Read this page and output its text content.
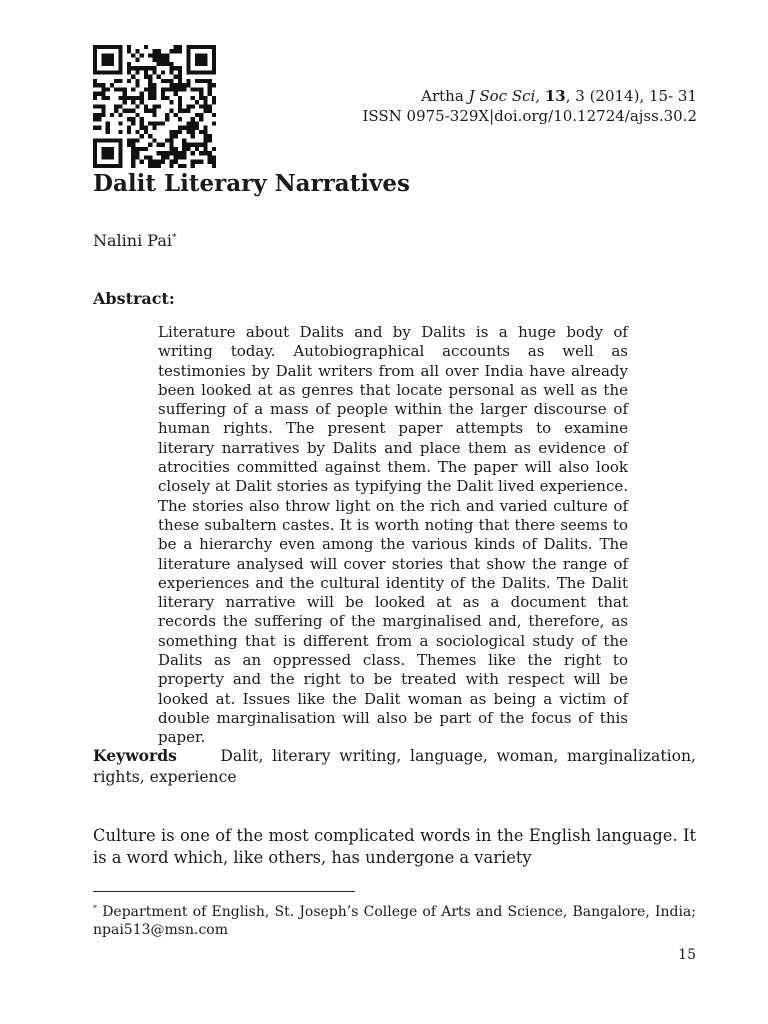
Artha J Soc Sci, 13, 3 (2014), 15- 31
ISSN 0975-329X|doi.org/10.12724/ajss.30.2
Dalit Literary Narratives
Nalini Pai*
Abstract:

Literature about Dalits and by Dalits is a huge body of writing today. Autobiographical accounts as well as testimonies by Dalit writers from all over India have already been looked at as genres that locate personal as well as the suffering of a mass of people within the larger discourse of human rights. The present paper attempts to examine literary narratives by Dalits and place them as evidence of atrocities committed against them. The paper will also look closely at Dalit stories as typifying the Dalit lived experience. The stories also throw light on the rich and varied culture of these subaltern castes. It is worth noting that there seems to be a hierarchy even among the various kinds of Dalits. The literature analysed will cover stories that show the range of experiences and the cultural identity of the Dalits. The Dalit literary narrative will be looked at as a document that records the suffering of the marginalised and, therefore, as something that is different from a sociological study of the Dalits as an oppressed class. Themes like the right to property and the right to be treated with respect will be looked at. Issues like the Dalit woman as being a victim of double marginalisation will also be part of the focus of this paper.

Keywords	Dalit, literary writing, language, woman, marginalization, rights, experience

Culture is one of the most complicated words in the English language. It is a word which, like others, has undergone a variety

* Department of English, St. Joseph’s College of Arts and Science, Bangalore, India; npai513@msn.com

15
